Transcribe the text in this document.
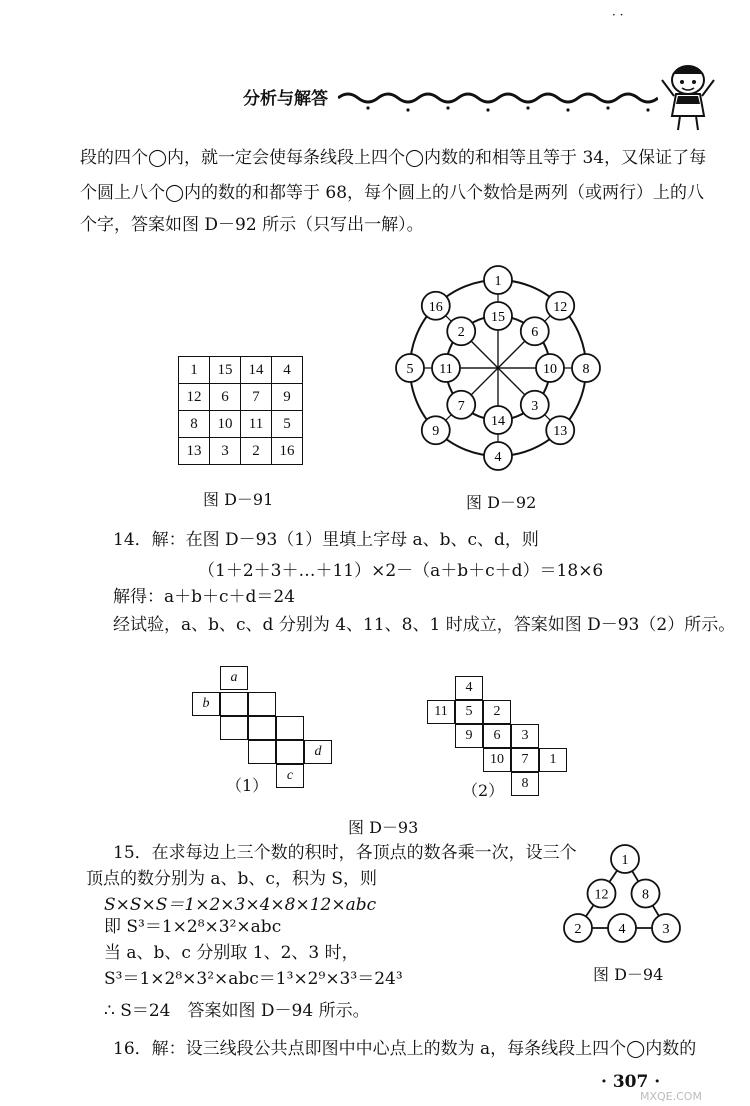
· ·
分析与解答
段的四个◯内，就一定会使每条线段上四个◯内数的和相等且等于 34，又保证了每
个圆上八个◯内的数的和都等于 68，每个圆上的八个数恰是两列（或两行）上的八
个字，答案如图 D－92 所示（只写出一解）。
1	15	14	4
12	6	7	9
8	10	11	5
13	3	2	16
图 D－91
1
12
8
13
4
9
5
16
15
6
10
3
14
7
11
2
图 D－92
14．解：在图 D－93（1）里填上字母 a、b、c、d，则
（1＋2＋3＋…＋11）×2－（a＋b＋c＋d）＝18×6
解得：a＋b＋c＋d＝24
经试验，a、b、c、d 分别为 4、11、8、1 时成立，答案如图 D－93（2）所示。
a
b
d
c
（1）
4
11	5	2
9	6	3
10	7	1
8
（2）
图 D－93
15．在求每边上三个数的积时，各顶点的数各乘一次，设三个
顶点的数分别为 a、b、c，积为 S，则
S×S×S＝1×2×3×4×8×12×abc
即 S³＝1×2⁸×3²×abc
当 a、b、c 分别取 1、2、3 时，
S³＝1×2⁸×3²×abc＝1³×2⁹×3³＝24³
∴ S＝24　答案如图 D－94 所示。
1
12 8
2	4	3
图 D－94
16．解：设三线段公共点即图中中心点上的数为 a，每条线段上四个◯内数的
· 307 ·
MXQE.COM
